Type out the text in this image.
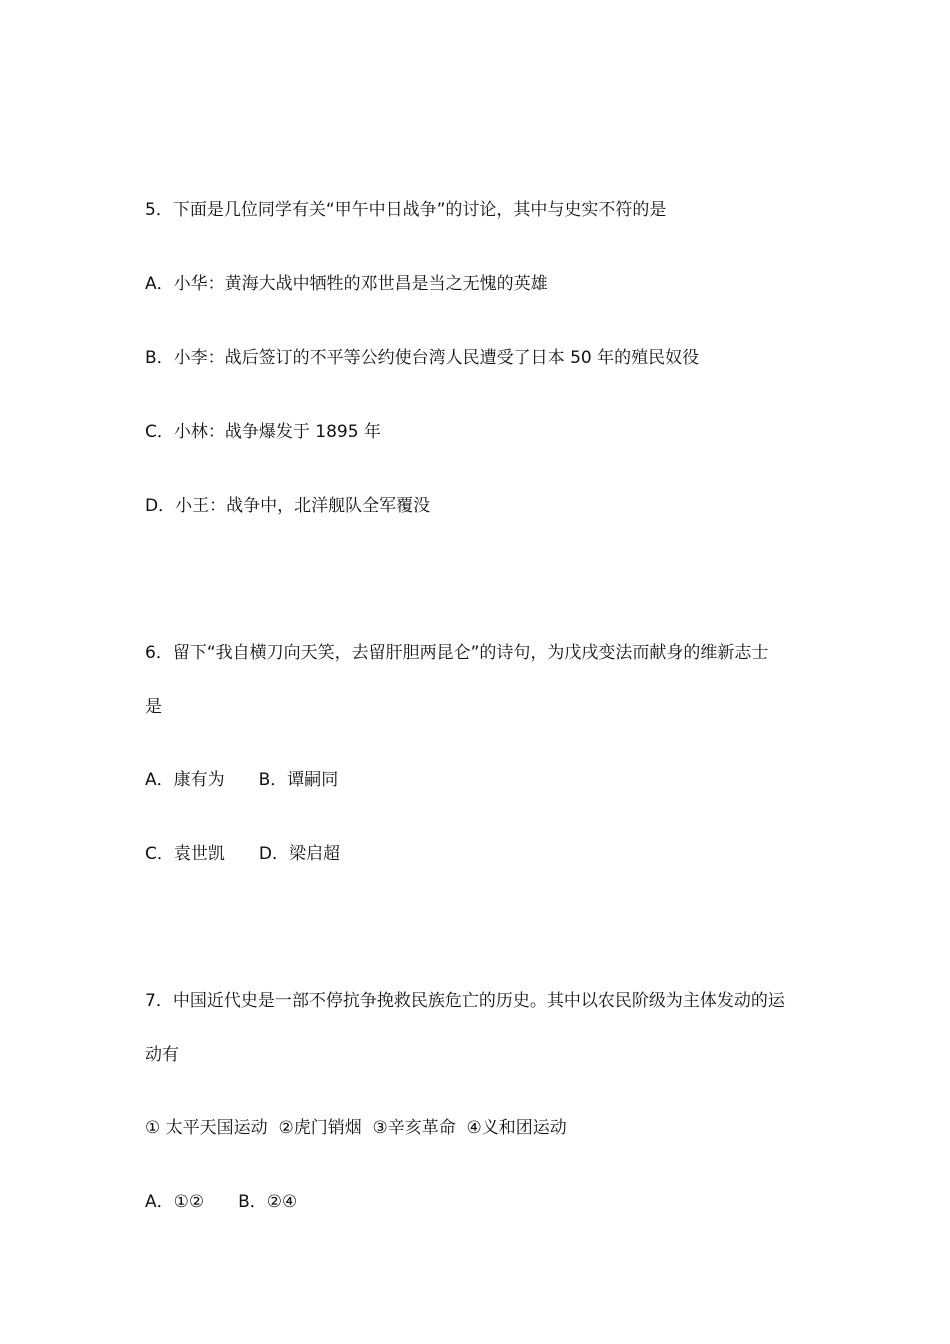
5．下面是几位同学有关“甲午中日战争”的讨论，其中与史实不符的是
A．小华：黄海大战中牺牲的邓世昌是当之无愧的英雄
B．小李：战后签订的不平等公约使台湾人民遭受了日本 50 年的殖民奴役
C．小林：战争爆发于 1895 年
D．小王：战争中，北洋舰队全军覆没
6．留下“我自横刀向天笑，去留肝胆两昆仑”的诗句，为戊戌变法而献身的维新志士
是
A．康有为 B．谭嗣同
C．袁世凯 D．梁启超
7．中国近代史是一部不停抗争挽救民族危亡的历史。其中以农民阶级为主体发动的运
动有
① 太平天国运动  ②虎门销烟  ③辛亥革命  ④义和团运动
A．①② B．②④
